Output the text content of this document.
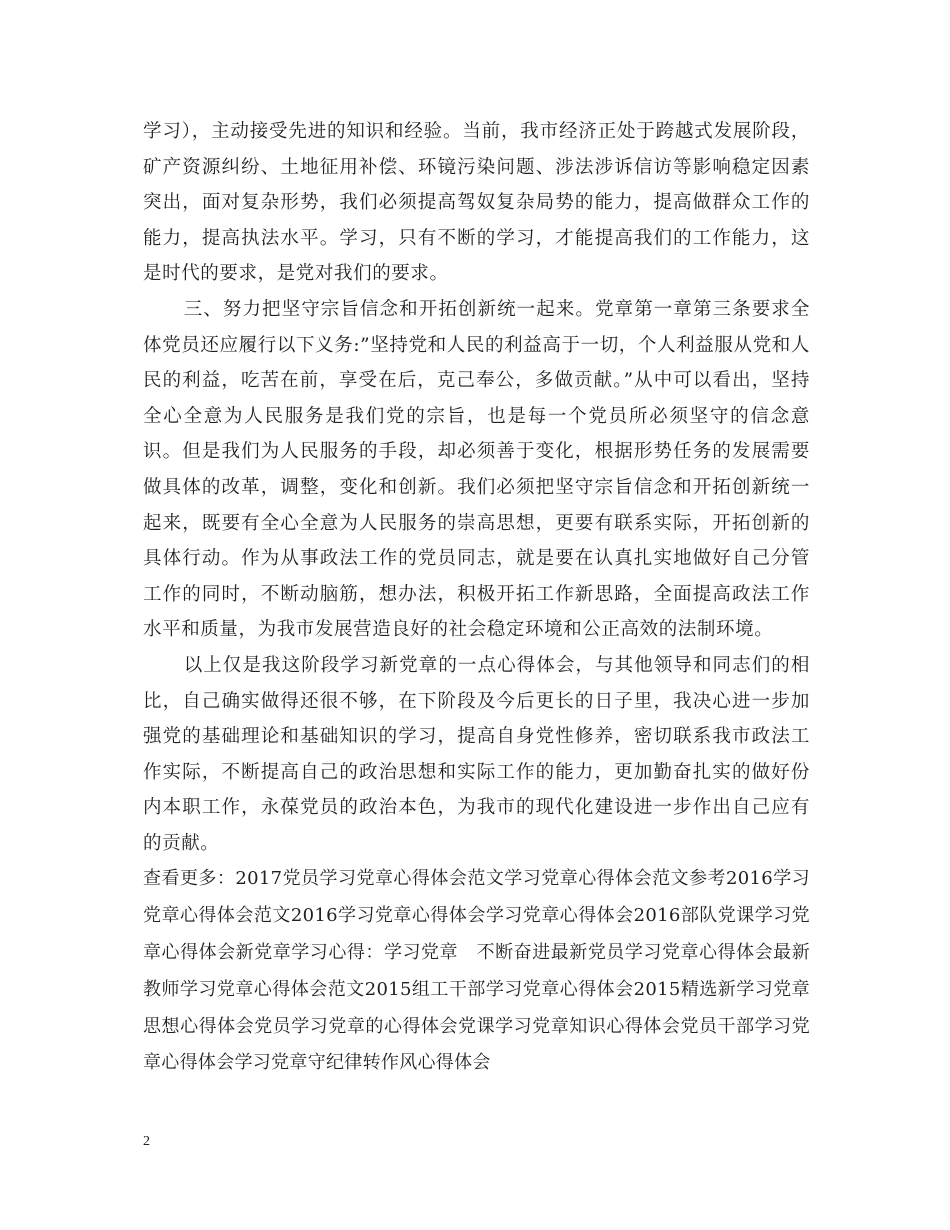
学习），主动接受先进的知识和经验。当前，我市经济正处于跨越式发展阶段，矿产资源纠纷、土地征用补偿、环镜污染问题、涉法涉诉信访等影响稳定因素突出，面对复杂形势，我们必须提高驾奴复杂局势的能力，提高做群众工作的能力，提高执法水平。学习，只有不断的学习，才能提高我们的工作能力，这是时代的要求，是党对我们的要求。

三、努力把坚守宗旨信念和开拓创新统一起来。党章第一章第三条要求全体党员还应履行以下义务:”坚持党和人民的利益高于一切，个人利益服从党和人民的利益，吃苦在前，享受在后，克己奉公，多做贡献。”从中可以看出，坚持全心全意为人民服务是我们党的宗旨，也是每一个党员所必须坚守的信念意识。但是我们为人民服务的手段，却必须善于变化，根据形势任务的发展需要做具体的改革，调整，变化和创新。我们必须把坚守宗旨信念和开拓创新统一起来，既要有全心全意为人民服务的崇高思想，更要有联系实际，开拓创新的具体行动。作为从事政法工作的党员同志，就是要在认真扎实地做好自己分管工作的同时，不断动脑筋，想办法，积极开拓工作新思路，全面提高政法工作水平和质量，为我市发展营造良好的社会稳定环境和公正高效的法制环境。

以上仅是我这阶段学习新党章的一点心得体会，与其他领导和同志们的相比，自己确实做得还很不够，在下阶段及今后更长的日子里，我决心进一步加强党的基础理论和基础知识的学习，提高自身党性修养，密切联系我市政法工作实际，不断提高自己的政治思想和实际工作的能力，更加勤奋扎实的做好份内本职工作，永葆党员的政治本色，为我市的现代化建设进一步作出自己应有的贡献。

查看更多：2017党员学习党章心得体会范文学习党章心得体会范文参考2016学习党章心得体会范文2016学习党章心得体会学习党章心得体会2016部队党课学习党章心得体会新党章学习心得：学习党章　不断奋进最新党员学习党章心得体会最新教师学习党章心得体会范文2015组工干部学习党章心得体会2015精选新学习党章思想心得体会党员学习党章的心得体会党课学习党章知识心得体会党员干部学习党章心得体会学习党章守纪律转作风心得体会

2
